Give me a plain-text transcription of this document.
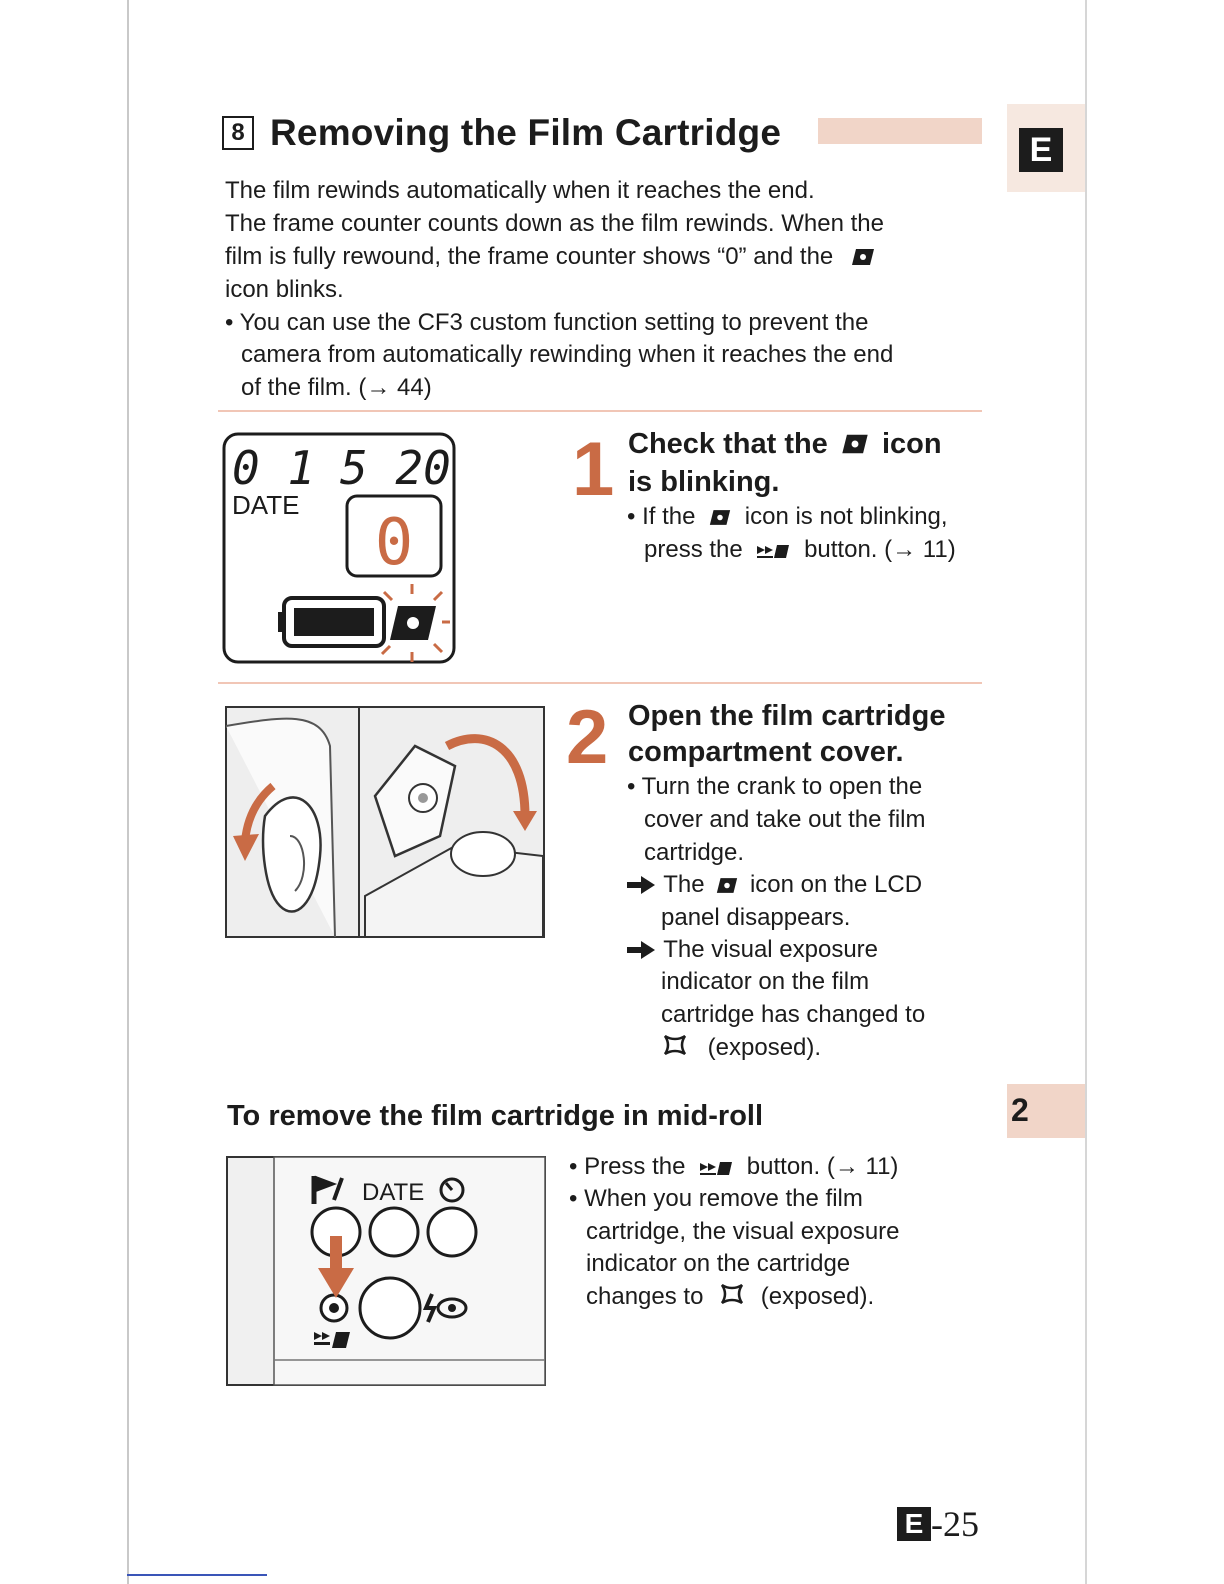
8 Removing the Film Cartridge	E
2
The film rewinds automatically when it reaches the end.
The frame counter counts down as the film rewinds. When the
film is fully rewound, the frame counter shows “0” and the
icon blinks.
• You can use the CF3 custom function setting to prevent the
camera from automatically rewinding when it reaches the end
of the film. (→ 44)
0 1 5 20
DATE
0
1 Check that the icon
is blinking.
• If the icon is not blinking,
press the	button. (→ 11)
2 Open the film cartridge
compartment cover.
• Turn the crank to open the
cover and take out the film
cartridge.
The icon on the LCD
panel disappears.
The visual exposure
indicator on the film
cartridge has changed to
(exposed).
To remove the film cartridge in mid-roll
DATE
• Press the	button. (→ 11)
• When you remove the film
cartridge, the visual exposure
indicator on the cartridge
changes to (exposed).
E -25
